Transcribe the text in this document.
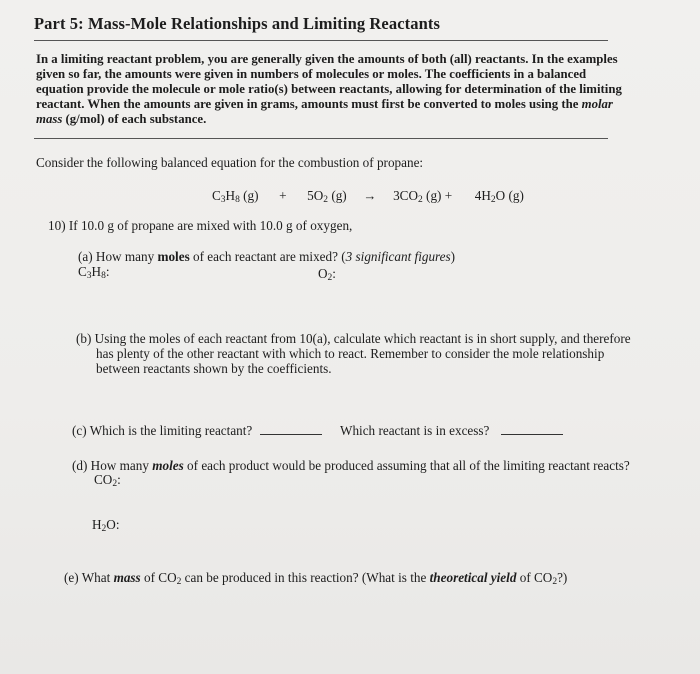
Part 5: Mass-Mole Relationships and Limiting Reactants
In a limiting reactant problem, you are generally given the amounts of both (all) reactants. In the examples
given so far, the amounts were given in numbers of molecules or moles. The coefficients in a balanced
equation provide the molecule or mole ratio(s) between reactants, allowing for determination of the limiting
reactant. When the amounts are given in grams, amounts must first be converted to moles using the molar
mass (g/mol) of each substance.
Consider the following balanced equation for the combustion of propane:
$C_3H_8$ $(g) + 5O_2$ $(g) \to 3CO_2$ $(g) + 4H_2O$ (g)
10) If 10.0 g of propane are mixed with 10.0 g of oxygen,
(a) How many moles of each reactant are mixed? (3 significant figures)
$C_3H_8$:	$O_2$:
(b) Using the moles of each reactant from 10(a), calculate which reactant is in short supply, and therefore
has plenty of the other reactant with which to react. Remember to consider the mole relationship
between reactants shown by the coefficients.
(c) Which is the limiting reactant?	Which reactant is in excess?
(d) How many moles of each product would be produced assuming that all of the limiting reactant reacts?
$CO_2$:
$H_2O$:
(e) What mass of $CO_2$ can be produced in this reaction? (What is the theoretical yield of $CO_2$?)
